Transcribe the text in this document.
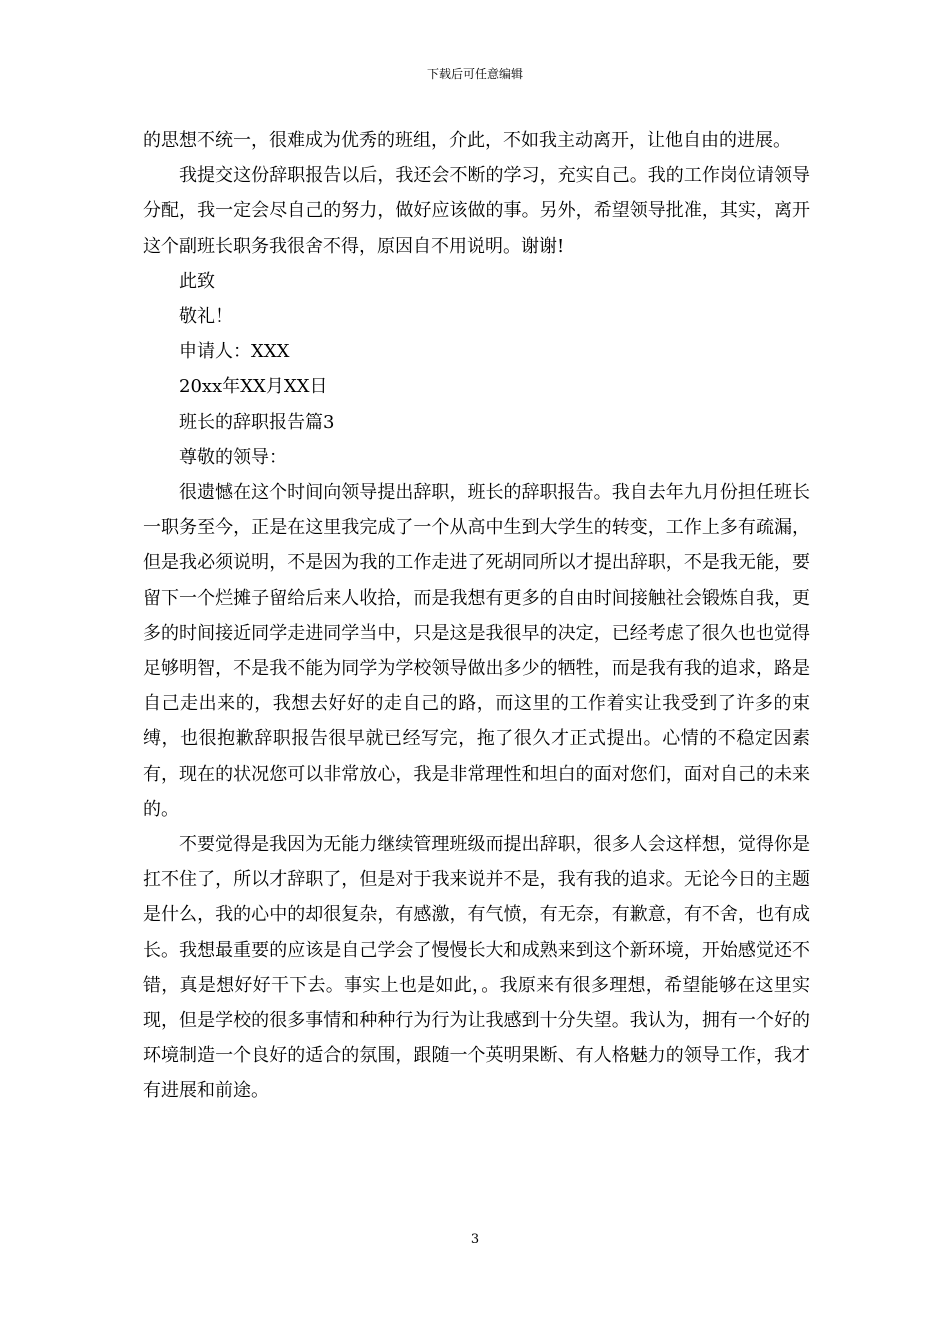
下载后可任意编辑

的思想不统一，很难成为优秀的班组，介此，不如我主动离开，让他自由的进展。

我提交这份辞职报告以后，我还会不断的学习，充实自己。我的工作岗位请领导分配，我一定会尽自己的努力，做好应该做的事。另外，希望领导批准，其实，离开这个副班长职务我很舍不得，原因自不用说明。谢谢!

此致

敬礼！

申请人：XXX

20xx年XX月XX日

班长的辞职报告篇3

尊敬的领导：

很遗憾在这个时间向领导提出辞职，班长的辞职报告。我自去年九月份担任班长一职务至今，正是在这里我完成了一个从高中生到大学生的转变，工作上多有疏漏，但是我必须说明，不是因为我的工作走进了死胡同所以才提出辞职，不是我无能，要留下一个烂摊子留给后来人收拾，而是我想有更多的自由时间接触社会锻炼自我，更多的时间接近同学走进同学当中，只是这是我很早的决定，已经考虑了很久也也觉得足够明智，不是我不能为同学为学校领导做出多少的牺牲，而是我有我的追求，路是自己走出来的，我想去好好的走自己的路，而这里的工作着实让我受到了许多的束缚，也很抱歉辞职报告很早就已经写完，拖了很久才正式提出。心情的不稳定因素有，现在的状况您可以非常放心，我是非常理性和坦白的面对您们，面对自己的未来的。

不要觉得是我因为无能力继续管理班级而提出辞职，很多人会这样想，觉得你是扛不住了，所以才辞职了，但是对于我来说并不是，我有我的追求。无论今日的主题是什么，我的心中的却很复杂，有感激，有气愤，有无奈，有歉意，有不舍，也有成长。我想最重要的应该是自己学会了慢慢长大和成熟来到这个新环境，开始感觉还不错，真是想好好干下去。事实上也是如此，。我原来有很多理想，希望能够在这里实现，但是学校的很多事情和种种行为行为让我感到十分失望。我认为，拥有一个好的环境制造一个良好的适合的氛围，跟随一个英明果断、有人格魅力的领导工作，我才有进展和前途。

3
